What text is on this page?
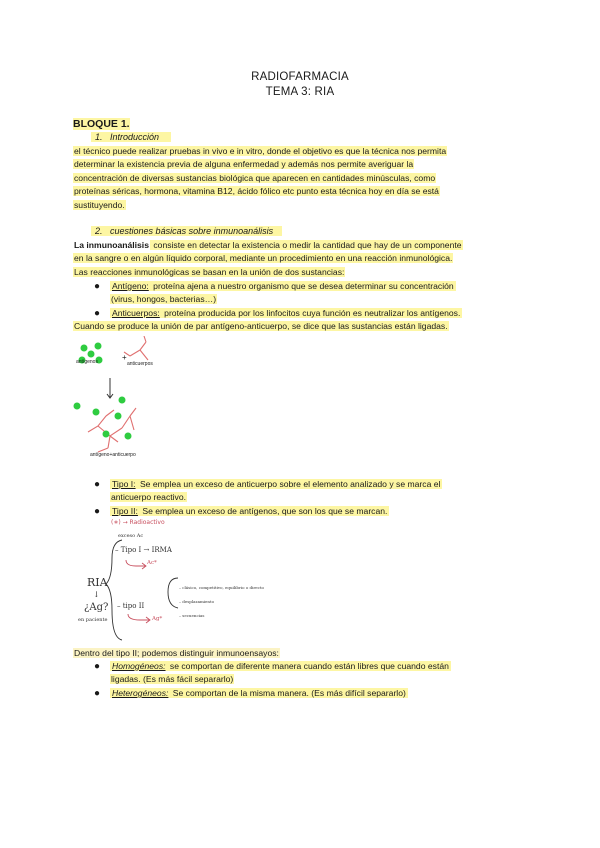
RADIOFARMACIA
TEMA 3: RIA
BLOQUE 1.
1. Introducción
el técnico puede realizar pruebas in vivo e in vitro, donde el objetivo es que la técnica nos permita
determinar la existencia previa de alguna enfermedad y además nos permite averiguar la
concentración de diversas sustancias biológica que aparecen en cantidades minúsculas, como
proteínas séricas, hormona, vitamina B12, ácido fólico etc punto esta técnica hoy en día se está
sustituyendo.
2. cuestiones básicas sobre inmunoanálisis
La inmunoanálisis consiste en detectar la existencia o medir la cantidad que hay de un componente
en la sangre o en algún líquido corporal, mediante un procedimiento en una reacción inmunológica.
Las reacciones inmunológicas se basan en la unión de dos sustancias:
● Antígeno: proteína ajena a nuestro organismo que se desea determinar su concentración
(virus, hongos, bacterias…)
● Anticuerpos: proteína producida por los linfocitos cuya función es neutralizar los antígenos.
Cuando se produce la unión de par antígeno-anticuerpo, se dice que las sustancias están ligadas.
antígenos	+
anticuerpos
antígeno+anticuerpo
● Tipo I: Se emplea un exceso de anticuerpo sobre el elemento analizado y se marca el
anticuerpo reactivo.
● Tipo II: Se emplea un exceso de antígenos, que son los que se marcan.
(∗) → Radioactivo
exceso Ac
– Tipo I → IRMA
Ac*
RIA
↓
¿Ag?
en paciente
– tipo II
– clásico, competitivo, equilibrio o directo
– desplazamiento
– secuencias
Ag*
Dentro del tipo II; podemos distinguir inmunoensayos:
● Homogéneos: se comportan de diferente manera cuando están libres que cuando están
ligadas. (Es más fácil separarlo)
● Heterogéneos: Se comportan de la misma manera. (Es más difícil separarlo)
